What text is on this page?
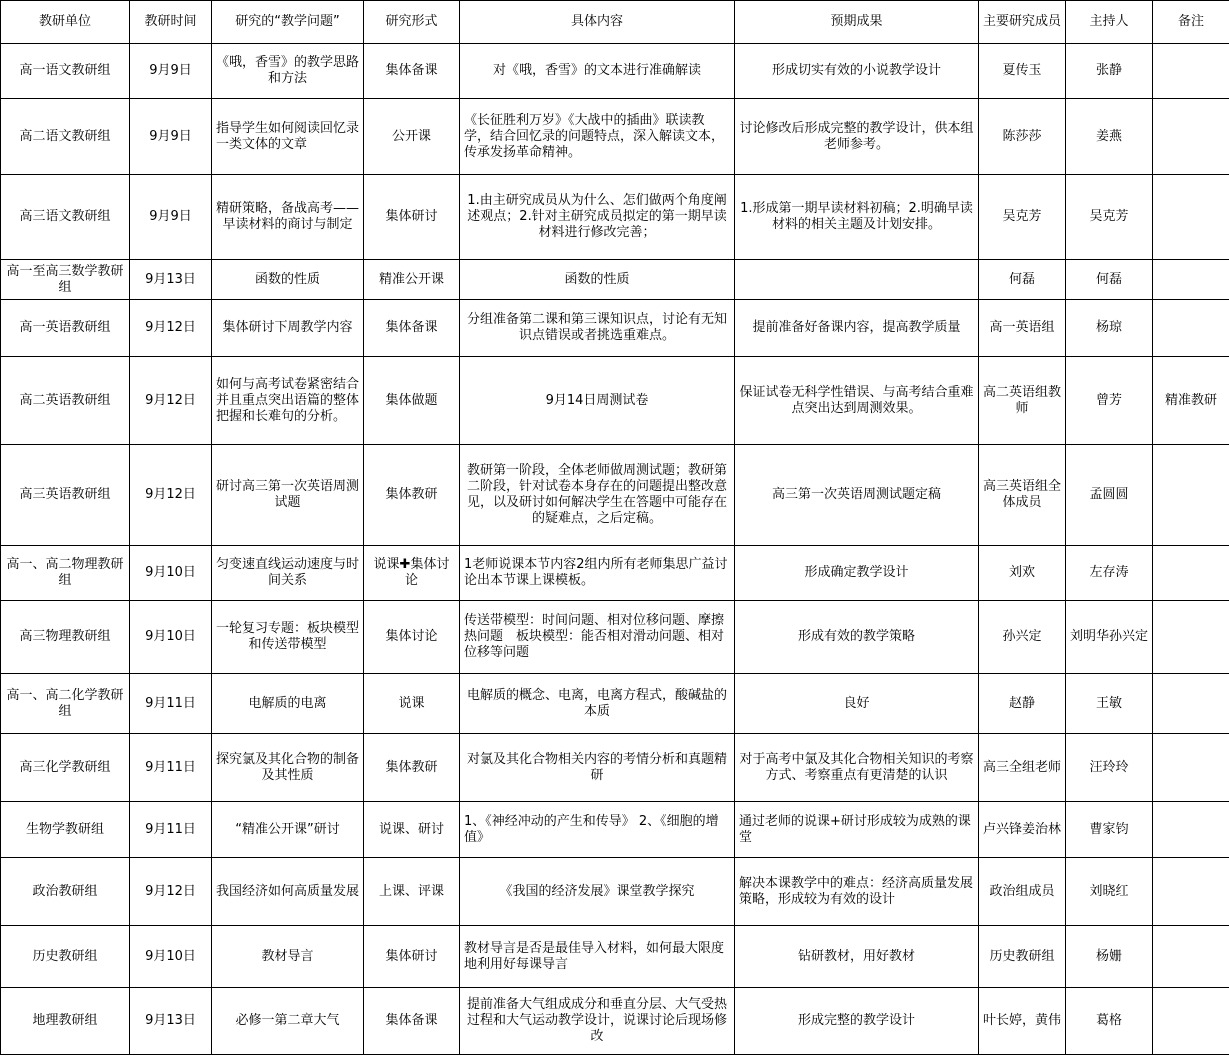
教研单位	教研时间	研究的“教学问题”	研究形式	具体内容	预期成果	主要研究成员	主持人	备注
高一语文教研组	9月9日	《哦，香雪》的教学思路和方法	集体备课	对《哦，香雪》的文本进行准确解读	形成切实有效的小说教学设计	夏传玉	张静	
高二语文教研组	9月9日	指导学生如何阅读回忆录一类文体的文章	公开课	《长征胜利万岁》《大战中的插曲》联读教学，结合回忆录的问题特点，深入解读文本，传承发扬革命精神。	讨论修改后形成完整的教学设计，供本组老师参考。	陈莎莎	姜燕	
高三语文教研组	9月9日	精研策略，备战高考——早读材料的商讨与制定	集体研讨	1.由主研究成员从为什么、怎们做两个角度阐述观点；2.针对主研究成员拟定的第一期早读材料进行修改完善；	1.形成第一期早读材料初稿；2.明确早读材料的相关主题及计划安排。	吴克芳	吴克芳	
高一至高三数学教研组	9月13日	函数的性质	精准公开课	函数的性质		何磊	何磊	
高一英语教研组	9月12日	集体研讨下周教学内容	集体备课	分组准备第二课和第三课知识点，讨论有无知识点错误或者挑选重难点。	提前准备好备课内容，提高教学质量	高一英语组	杨琼	
高二英语教研组	9月12日	如何与高考试卷紧密结合并且重点突出语篇的整体把握和长难句的分析。	集体做题	9月14日周测试卷	保证试卷无科学性错误、与高考结合重难点突出达到周测效果。	高二英语组教师	曾芳	精准教研
高三英语教研组	9月12日	研讨高三第一次英语周测试题	集体教研	教研第一阶段，全体老师做周测试题；教研第二阶段，针对试卷本身存在的问题提出整改意见，以及研讨如何解决学生在答题中可能存在的疑难点，之后定稿。	高三第一次英语周测试题定稿	高三英语组全体成员	孟圆圆	
高一、高二物理教研组	9月10日	匀变速直线运动速度与时间关系	说课✚集体讨论	1老师说课本节内容2组内所有老师集思广益讨论出本节课上课模板。	形成确定教学设计	刘欢	左存涛	
高三物理教研组	9月10日	一轮复习专题：板块模型和传送带模型	集体讨论	传送带模型：时间问题、相对位移问题、摩擦热问题　板块模型：能否相对滑动问题、相对位移等问题	形成有效的教学策略	孙兴定	刘明华孙兴定	
高一、高二化学教研组	9月11日	电解质的电离	说课	电解质的概念、电离，电离方程式，酸碱盐的本质	良好	赵静	王敏	
高三化学教研组	9月11日	探究氯及其化合物的制备及其性质	集体教研	对氯及其化合物相关内容的考情分析和真题精研	对于高考中氯及其化合物相关知识的考察方式、考察重点有更清楚的认识	高三全组老师	汪玲玲	
生物学教研组	9月11日	“精准公开课”研讨	说课、研讨	1、《神经冲动的产生和传导》 2、《细胞的增值》	通过老师的说课+研讨形成较为成熟的课堂	卢兴锋姜治林	曹家钧	
政治教研组	9月12日	我国经济如何高质量发展	上课、评课	《我国的经济发展》课堂教学探究	解决本课教学中的难点：经济高质量发展策略，形成较为有效的设计	政治组成员	刘晓红	
历史教研组	9月10日	教材导言	集体研讨	教材导言是否是最佳导入材料，如何最大限度地利用好每课导言	钻研教材，用好教材	历史教研组	杨姗	
地理教研组	9月13日	必修一第二章大气	集体备课	提前准备大气组成成分和垂直分层、大气受热过程和大气运动教学设计，说课讨论后现场修改	形成完整的教学设计	叶长婷，黄伟	葛格	
